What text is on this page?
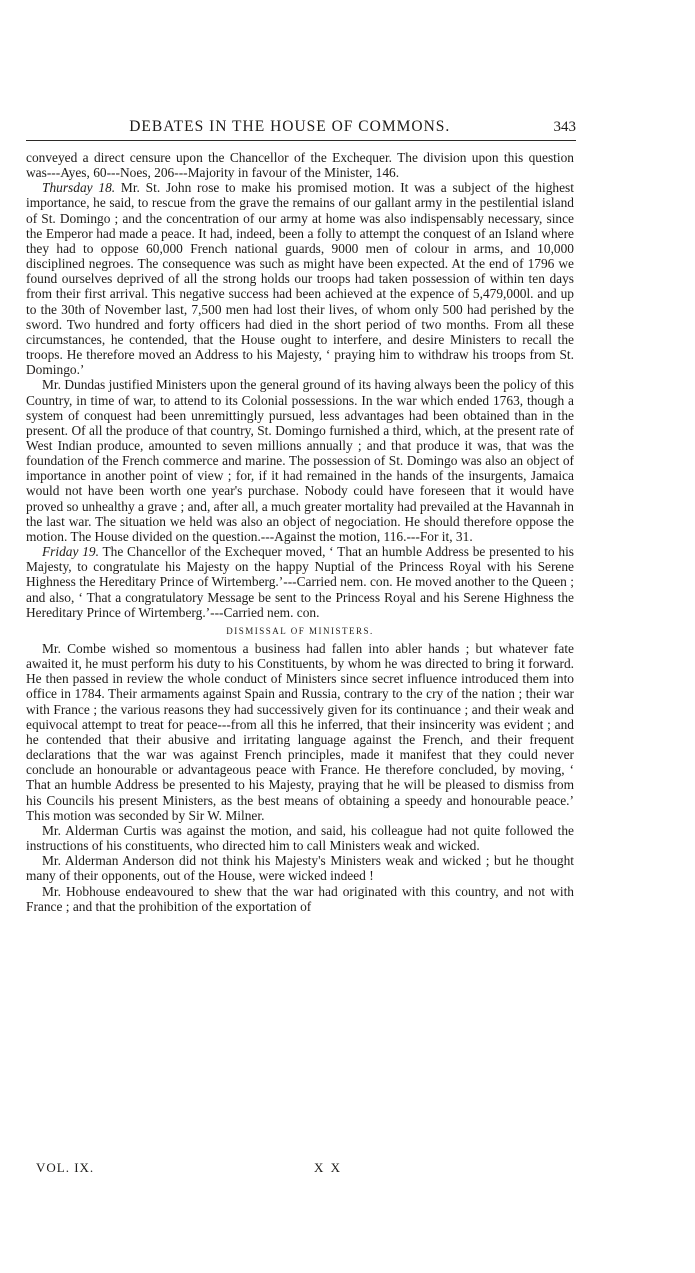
DEBATES IN THE HOUSE OF COMMONS.	343

conveyed a direct censure upon the Chancellor of the Exchequer. The division upon this question was---Ayes, 60---Noes, 206---Majority in favour of the Minister, 146.

Thursday 18. Mr. St. John rose to make his promised motion. It was a subject of the highest importance, he said, to rescue from the grave the remains of our gallant army in the pestilential island of St. Domingo ; and the concentration of our army at home was also indispensably necessary, since the Emperor had made a peace. It had, indeed, been a folly to attempt the conquest of an Island where they had to oppose 60,000 French national guards, 9000 men of colour in arms, and 10,000 disciplined negroes. The consequence was such as might have been expected. At the end of 1796 we found ourselves deprived of all the strong holds our troops had taken possession of within ten days from their first arrival. This negative success had been achieved at the expence of 5,479,000l. and up to the 30th of November last, 7,500 men had lost their lives, of whom only 500 had perished by the sword. Two hundred and forty officers had died in the short period of two months. From all these circumstances, he contended, that the House ought to interfere, and desire Ministers to recall the troops. He therefore moved an Address to his Majesty, ‘ praying him to withdraw his troops from St. Domingo.’

Mr. Dundas justified Ministers upon the general ground of its having always been the policy of this Country, in time of war, to attend to its Colonial possessions. In the war which ended 1763, though a system of conquest had been unremittingly pursued, less advantages had been obtained than in the present. Of all the produce of that country, St. Domingo furnished a third, which, at the present rate of West Indian produce, amounted to seven millions annually ; and that produce it was, that was the foundation of the French commerce and marine. The possession of St. Domingo was also an object of importance in another point of view ; for, if it had remained in the hands of the insurgents, Jamaica would not have been worth one year's purchase. Nobody could have foreseen that it would have proved so unhealthy a grave ; and, after all, a much greater mortality had prevailed at the Havannah in the last war. The situation we held was also an object of negociation. He should therefore oppose the motion. The House divided on the question.---Against the motion, 116.---For it, 31.

Friday 19. The Chancellor of the Exchequer moved, ‘ That an humble Address be presented to his Majesty, to congratulate his Majesty on the happy Nuptial of the Princess Royal with his Serene Highness the Hereditary Prince of Wirtemberg.’---Carried nem. con. He moved another to the Queen ; and also, ‘ That a congratulatory Message be sent to the Princess Royal and his Serene Highness the Hereditary Prince of Wirtemberg.’---Carried nem. con.

DISMISSAL OF MINISTERS.

Mr. Combe wished so momentous a business had fallen into abler hands ; but whatever fate awaited it, he must perform his duty to his Constituents, by whom he was directed to bring it forward. He then passed in review the whole conduct of Ministers since secret influence introduced them into office in 1784. Their armaments against Spain and Russia, contrary to the cry of the nation ; their war with France ; the various reasons they had successively given for its continuance ; and their weak and equivocal attempt to treat for peace---from all this he inferred, that their insincerity was evident ; and he contended that their abusive and irritating language against the French, and their frequent declarations that the war was against French principles, made it manifest that they could never conclude an honourable or advantageous peace with France. He therefore concluded, by moving, ‘ That an humble Address be presented to his Majesty, praying that he will be pleased to dismiss from his Councils his present Ministers, as the best means of obtaining a speedy and honourable peace.’ This motion was seconded by Sir W. Milner.

Mr. Alderman Curtis was against the motion, and said, his colleague had not quite followed the instructions of his constituents, who directed him to call Ministers weak and wicked.

Mr. Alderman Anderson did not think his Majesty's Ministers weak and wicked ; but he thought many of their opponents, out of the House, were wicked indeed !

Mr. Hobhouse endeavoured to shew that the war had originated with this country, and not with France ; and that the prohibition of the exportation of

VOL. IX.	X X
